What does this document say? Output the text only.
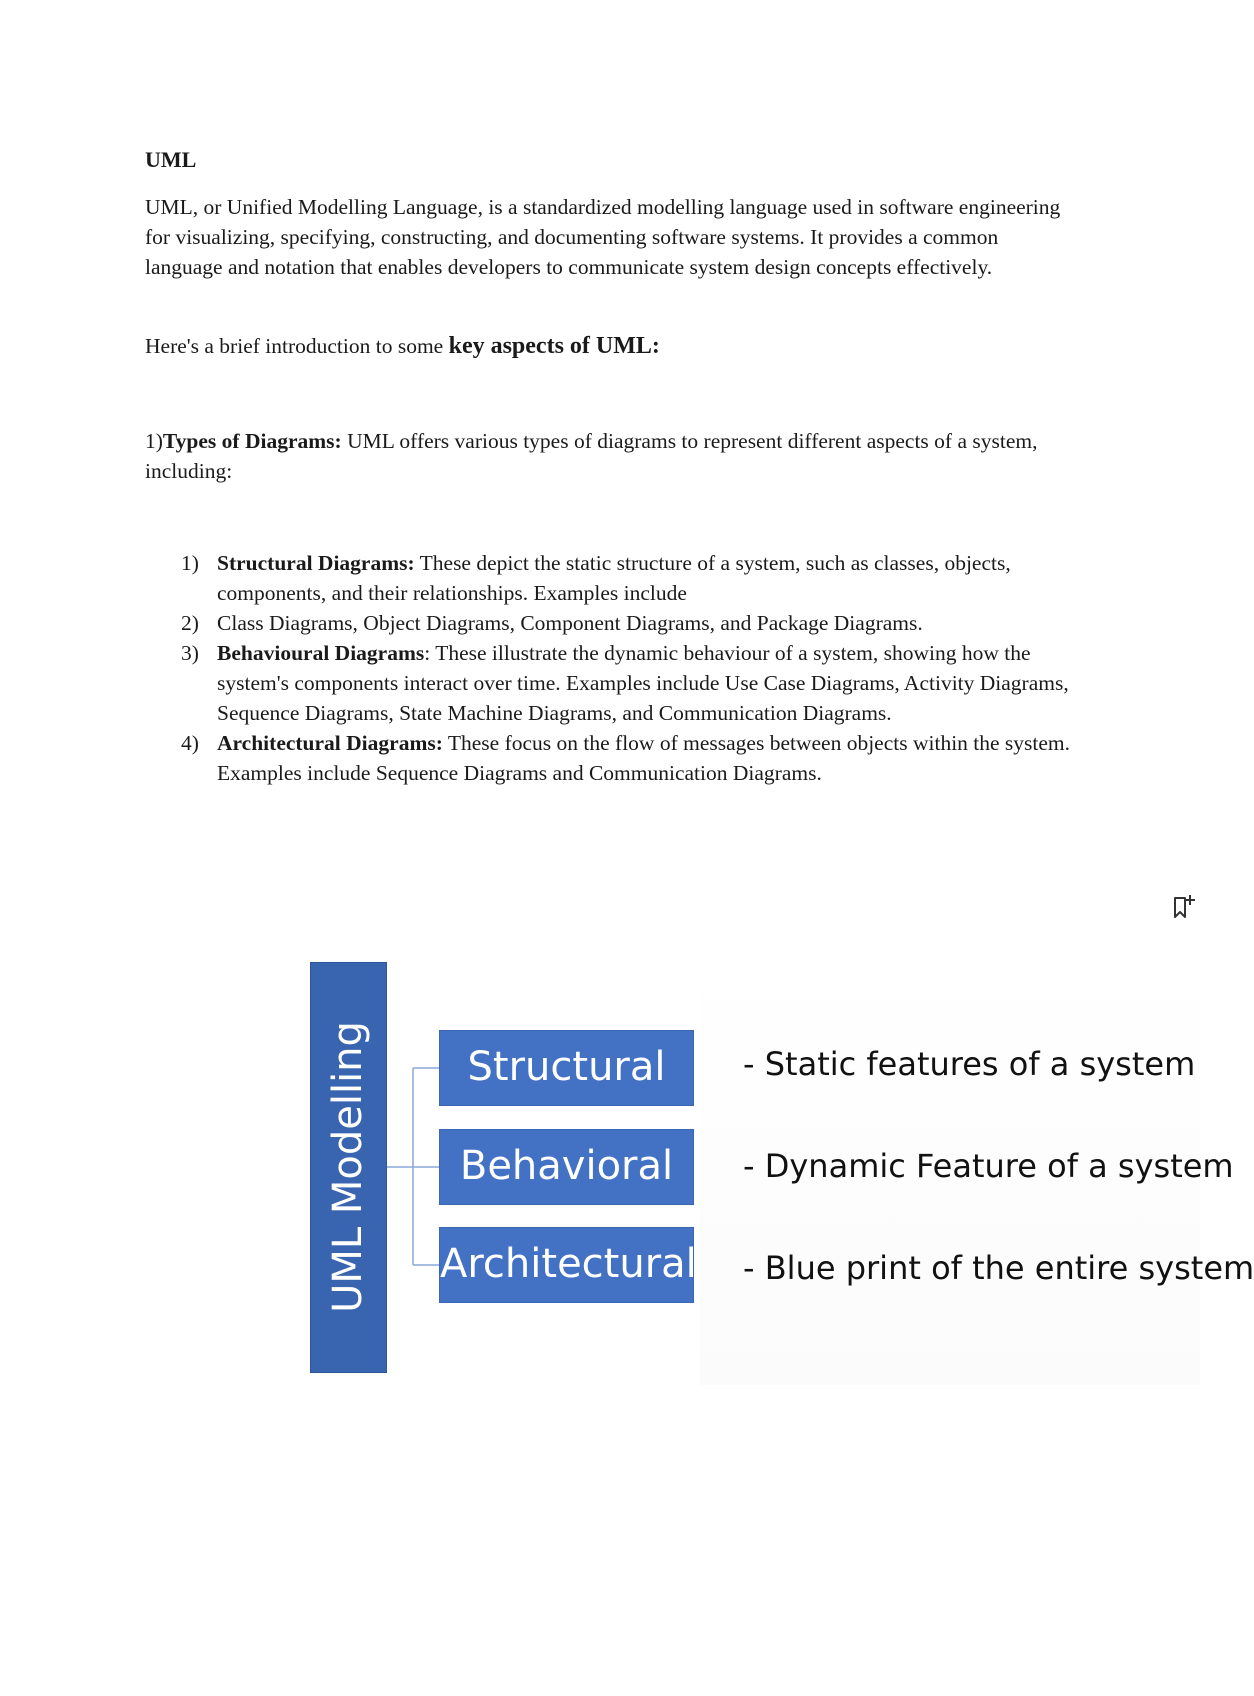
UML

UML, or Unified Modelling Language, is a standardized modelling language used in software engineering for visualizing, specifying, constructing, and documenting software systems. It provides a common language and notation that enables developers to communicate system design concepts effectively.

Here's a brief introduction to some key aspects of UML:

1)Types of Diagrams: UML offers various types of diagrams to represent different aspects of a system, including:

1) Structural Diagrams: These depict the static structure of a system, such as classes, objects, components, and their relationships. Examples include
2) Class Diagrams, Object Diagrams, Component Diagrams, and Package Diagrams.
3) Behavioural Diagrams: These illustrate the dynamic behaviour of a system, showing how the system's components interact over time. Examples include Use Case Diagrams, Activity Diagrams, Sequence Diagrams, State Machine Diagrams, and Communication Diagrams.
4) Architectural Diagrams: These focus on the flow of messages between objects within the system. Examples include Sequence Diagrams and Communication Diagrams.
UML Modelling	Structural
Behavioral
Architectural
- Static features of a system
- Dynamic Feature of a system
- Blue print of the entire system
